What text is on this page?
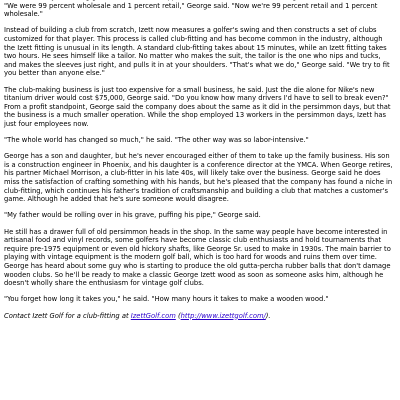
"We were 99 percent wholesale and 1 percent retail," George said. "Now we're 99 percent retail and 1 percent wholesale."

Instead of building a club from scratch, Izett now measures a golfer's swing and then constructs a set of clubs customized for that player. This process is called club-fitting and has become common in the industry, although the Izett fitting is unusual in its length. A standard club-fitting takes about 15 minutes, while an Izett fitting takes two hours. He sees himself like a tailor. No matter who makes the suit, the tailor is the one who nips and tucks, and makes the sleeves just right, and pulls it in at your shoulders. "That's what we do," George said. "We try to fit you better than anyone else."

The club-making business is just too expensive for a small business, he said. Just the die alone for Nike's new titanium driver would cost $75,000, George said. "Do you know how many drivers I'd have to sell to break even?" From a profit standpoint, George said the company does about the same as it did in the persimmon days, but that the business is a much smaller operation. While the shop employed 13 workers in the persimmon days, Izett has just four employees now.

"The whole world has changed so much," he said. "The other way was so labor-intensive."

George has a son and daughter, but he's never encouraged either of them to take up the family business. His son is a construction engineer in Phoenix, and his daughter is a conference director at the YMCA. When George retires, his partner Michael Morrison, a club-fitter in his late 40s, will likely take over the business. George said he does miss the satisfaction of crafting something with his hands, but he's pleased that the company has found a niche in club-fitting, which continues his father's tradition of craftsmanship and building a club that matches a customer's game. Although he added that he's sure someone would disagree.

"My father would be rolling over in his grave, puffing his pipe," George said.

He still has a drawer full of old persimmon heads in the shop. In the same way people have become interested in artisanal food and vinyl records, some golfers have become classic club enthusiasts and hold tournaments that require pre-1975 equipment or even old hickory shafts, like George Sr. used to make in 1930s. The main barrier to playing with vintage equipment is the modern golf ball, which is too hard for woods and ruins them over time. George has heard about some guy who is starting to produce the old gutta-percha rubber balls that don't damage wooden clubs. So he'll be ready to make a classic George Izett wood as soon as someone asks him, although he doesn't wholly share the enthusiasm for vintage golf clubs.

"You forget how long it takes you," he said. "How many hours it takes to make a wooden wood."

Contact Izett Golf for a club-fitting at IzettGolf.com (http://www.izettgolf.com/).
